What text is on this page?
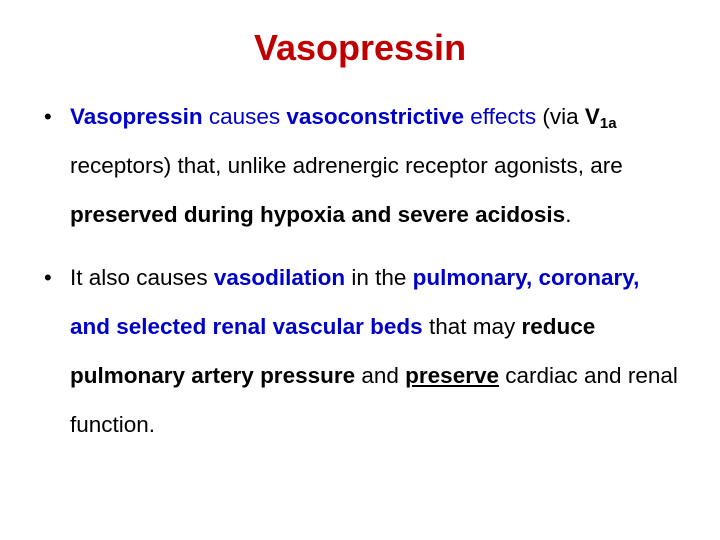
Vasopressin
• Vasopressin causes vasoconstrictive effects (via $V_{1a}$ receptors) that, unlike adrenergic receptor agonists, are preserved during hypoxia and severe acidosis.
• It also causes vasodilation in the pulmonary, coronary, and selected renal vascular beds that may reduce pulmonary artery pressure and preserve cardiac and renal function.
